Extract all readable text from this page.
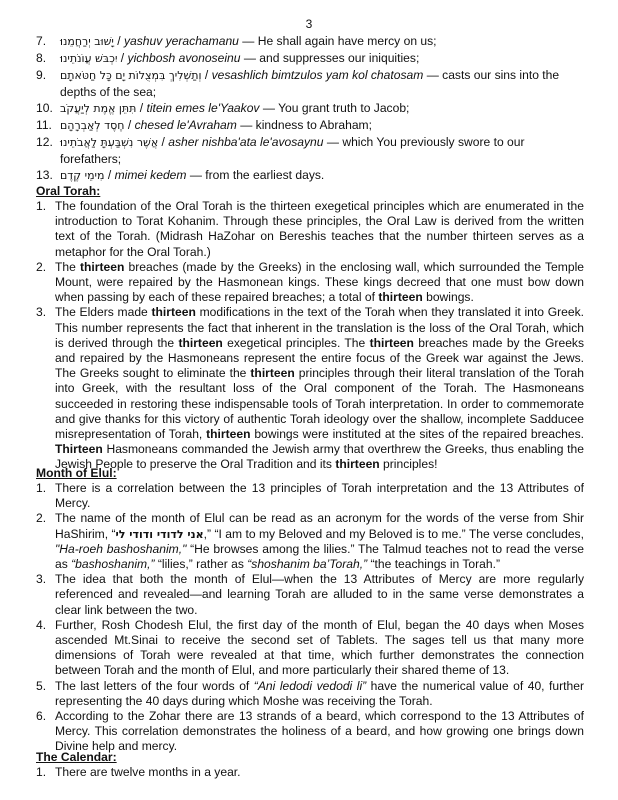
3
7. יָשׁוּב יְרַחֲמֵנוּ / yashuv yerachamanu — He shall again have mercy on us;
8. יִכְבּשׁ עֲוֹנֹתֵינוּ / yichbosh avonoseinu — and suppresses our iniquities;
9. וְתַשְׁלִיךְ בִּמְצֻלוֹת יָם כָּל חַטֹּאתָם / vesashlich bimtzulos yam kol chatosam — casts our sins into the depths of the sea;
10. תִּתֵּן אֱמֶת לְיַעֲקֹב / titein emes le'Yaakov — You grant truth to Jacob;
11. חֶסֶד לְאַבְרָהָם / chesed le'Avraham — kindness to Abraham;
12. אֲשֶׁר נִשְׁבַּעְתָּ לַאֲבֹתֵינוּ / asher nishba'ata le'avosaynu — which You previously swore to our forefathers;
13. מִימֵי קֶדֶם / mimei kedem — from the earliest days.
Oral Torah:
1. The foundation of the Oral Torah is the thirteen exegetical principles which are enumerated in the introduction to Torat Kohanim. Through these principles, the Oral Law is derived from the written text of the Torah. (Midrash HaZohar on Bereshis teaches that the number thirteen serves as a metaphor for the Oral Torah.)
2. The thirteen breaches (made by the Greeks) in the enclosing wall, which surrounded the Temple Mount, were repaired by the Hasmonean kings. These kings decreed that one must bow down when passing by each of these repaired breaches; a total of thirteen bowings.
3. The Elders made thirteen modifications in the text of the Torah when they translated it into Greek. This number represents the fact that inherent in the translation is the loss of the Oral Torah, which is derived through the thirteen exegetical principles. The thirteen breaches made by the Greeks and repaired by the Hasmoneans represent the entire focus of the Greek war against the Jews. The Greeks sought to eliminate the thirteen principles through their literal translation of the Torah into Greek, with the resultant loss of the Oral component of the Torah. The Hasmoneans succeeded in restoring these indispensable tools of Torah interpretation. In order to commemorate and give thanks for this victory of authentic Torah ideology over the shallow, incomplete Sadducee misrepresentation of Torah, thirteen bowings were instituted at the sites of the repaired breaches. Thirteen Hasmoneans commanded the Jewish army that overthrew the Greeks, thus enabling the Jewish People to preserve the Oral Tradition and its thirteen principles!
Month of Elul:
1. There is a correlation between the 13 principles of Torah interpretation and the 13 Attributes of Mercy.
2. The name of the month of Elul can be read as an acronym for the words of the verse from Shir HaShirim, “אני לדודי ודודי לי,” “I am to my Beloved and my Beloved is to me.” The verse concludes, "Ha-roeh bashoshanim," “He browses among the lilies.” The Talmud teaches not to read the verse as “bashoshanim,” “lilies,” rather as “shoshanim ba’Torah,” “the teachings in Torah.”
3. The idea that both the month of Elul—when the 13 Attributes of Mercy are more regularly referenced and revealed—and learning Torah are alluded to in the same verse demonstrates a clear link between the two.
4. Further, Rosh Chodesh Elul, the first day of the month of Elul, began the 40 days when Moses ascended Mt.Sinai to receive the second set of Tablets. The sages tell us that many more dimensions of Torah were revealed at that time, which further demonstrates the connection between Torah and the month of Elul, and more particularly their shared theme of 13.
5. The last letters of the four words of “Ani ledodi vedodi li” have the numerical value of 40, further representing the 40 days during which Moshe was receiving the Torah.
6. According to the Zohar there are 13 strands of a beard, which correspond to the 13 Attributes of Mercy. This correlation demonstrates the holiness of a beard, and how growing one brings down Divine help and mercy.
The Calendar:
1. There are twelve months in a year.
